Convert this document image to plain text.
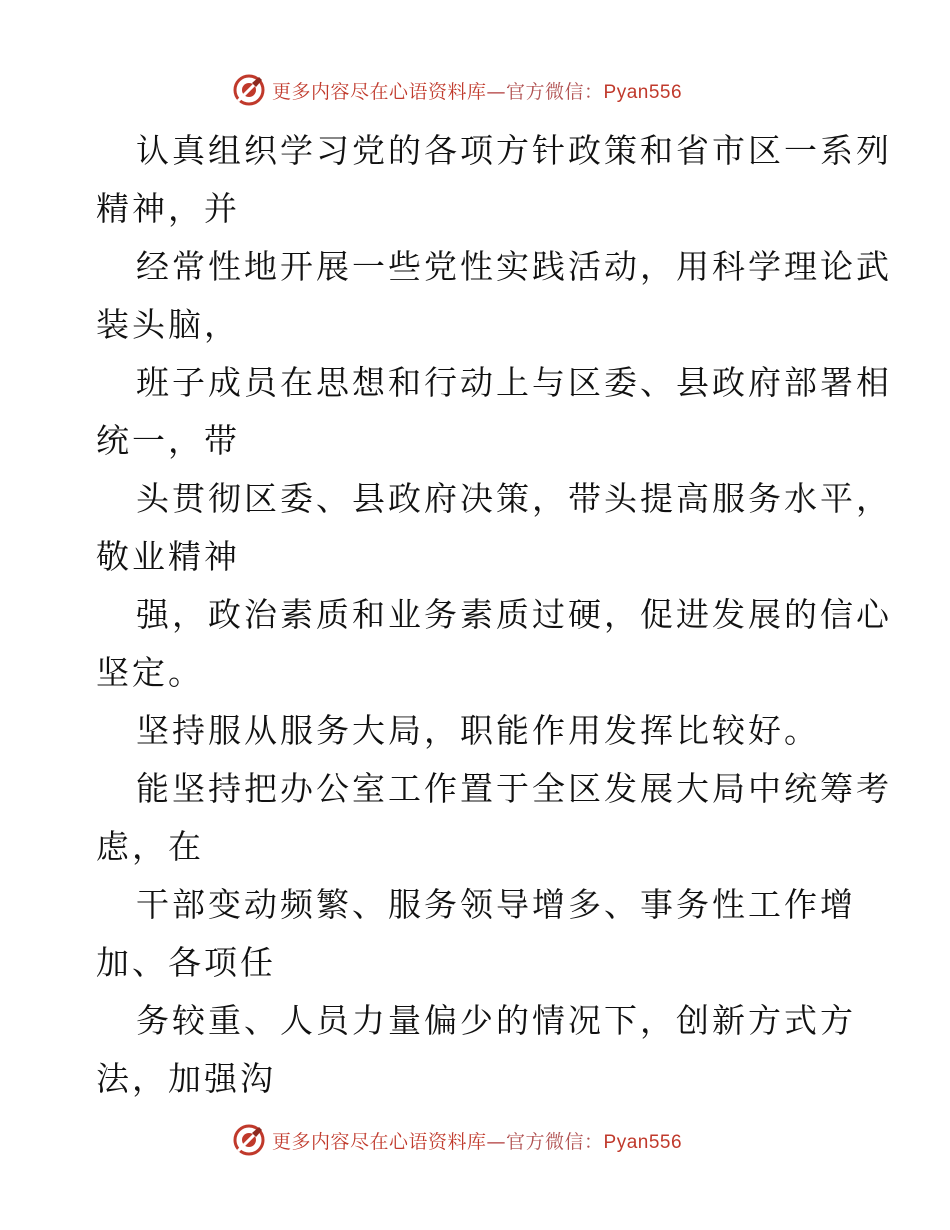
更多内容尽在心语资料库—官方微信：Pyan556

认真组织学习党的各项方针政策和省市区一系列
精神，并

经常性地开展一些党性实践活动，用科学理论武
装头脑，

班子成员在思想和行动上与区委、县政府部署相
统一，带

头贯彻区委、县政府决策，带头提高服务水平，
敬业精神

强，政治素质和业务素质过硬，促进发展的信心
坚定。

坚持服从服务大局，职能作用发挥比较好。

能坚持把办公室工作置于全区发展大局中统筹考
虑，在

干部变动频繁、服务领导增多、事务性工作增
加、各项任

务较重、人员力量偏少的情况下，创新方式方
法，加强沟

更多内容尽在心语资料库—官方微信：Pyan556
